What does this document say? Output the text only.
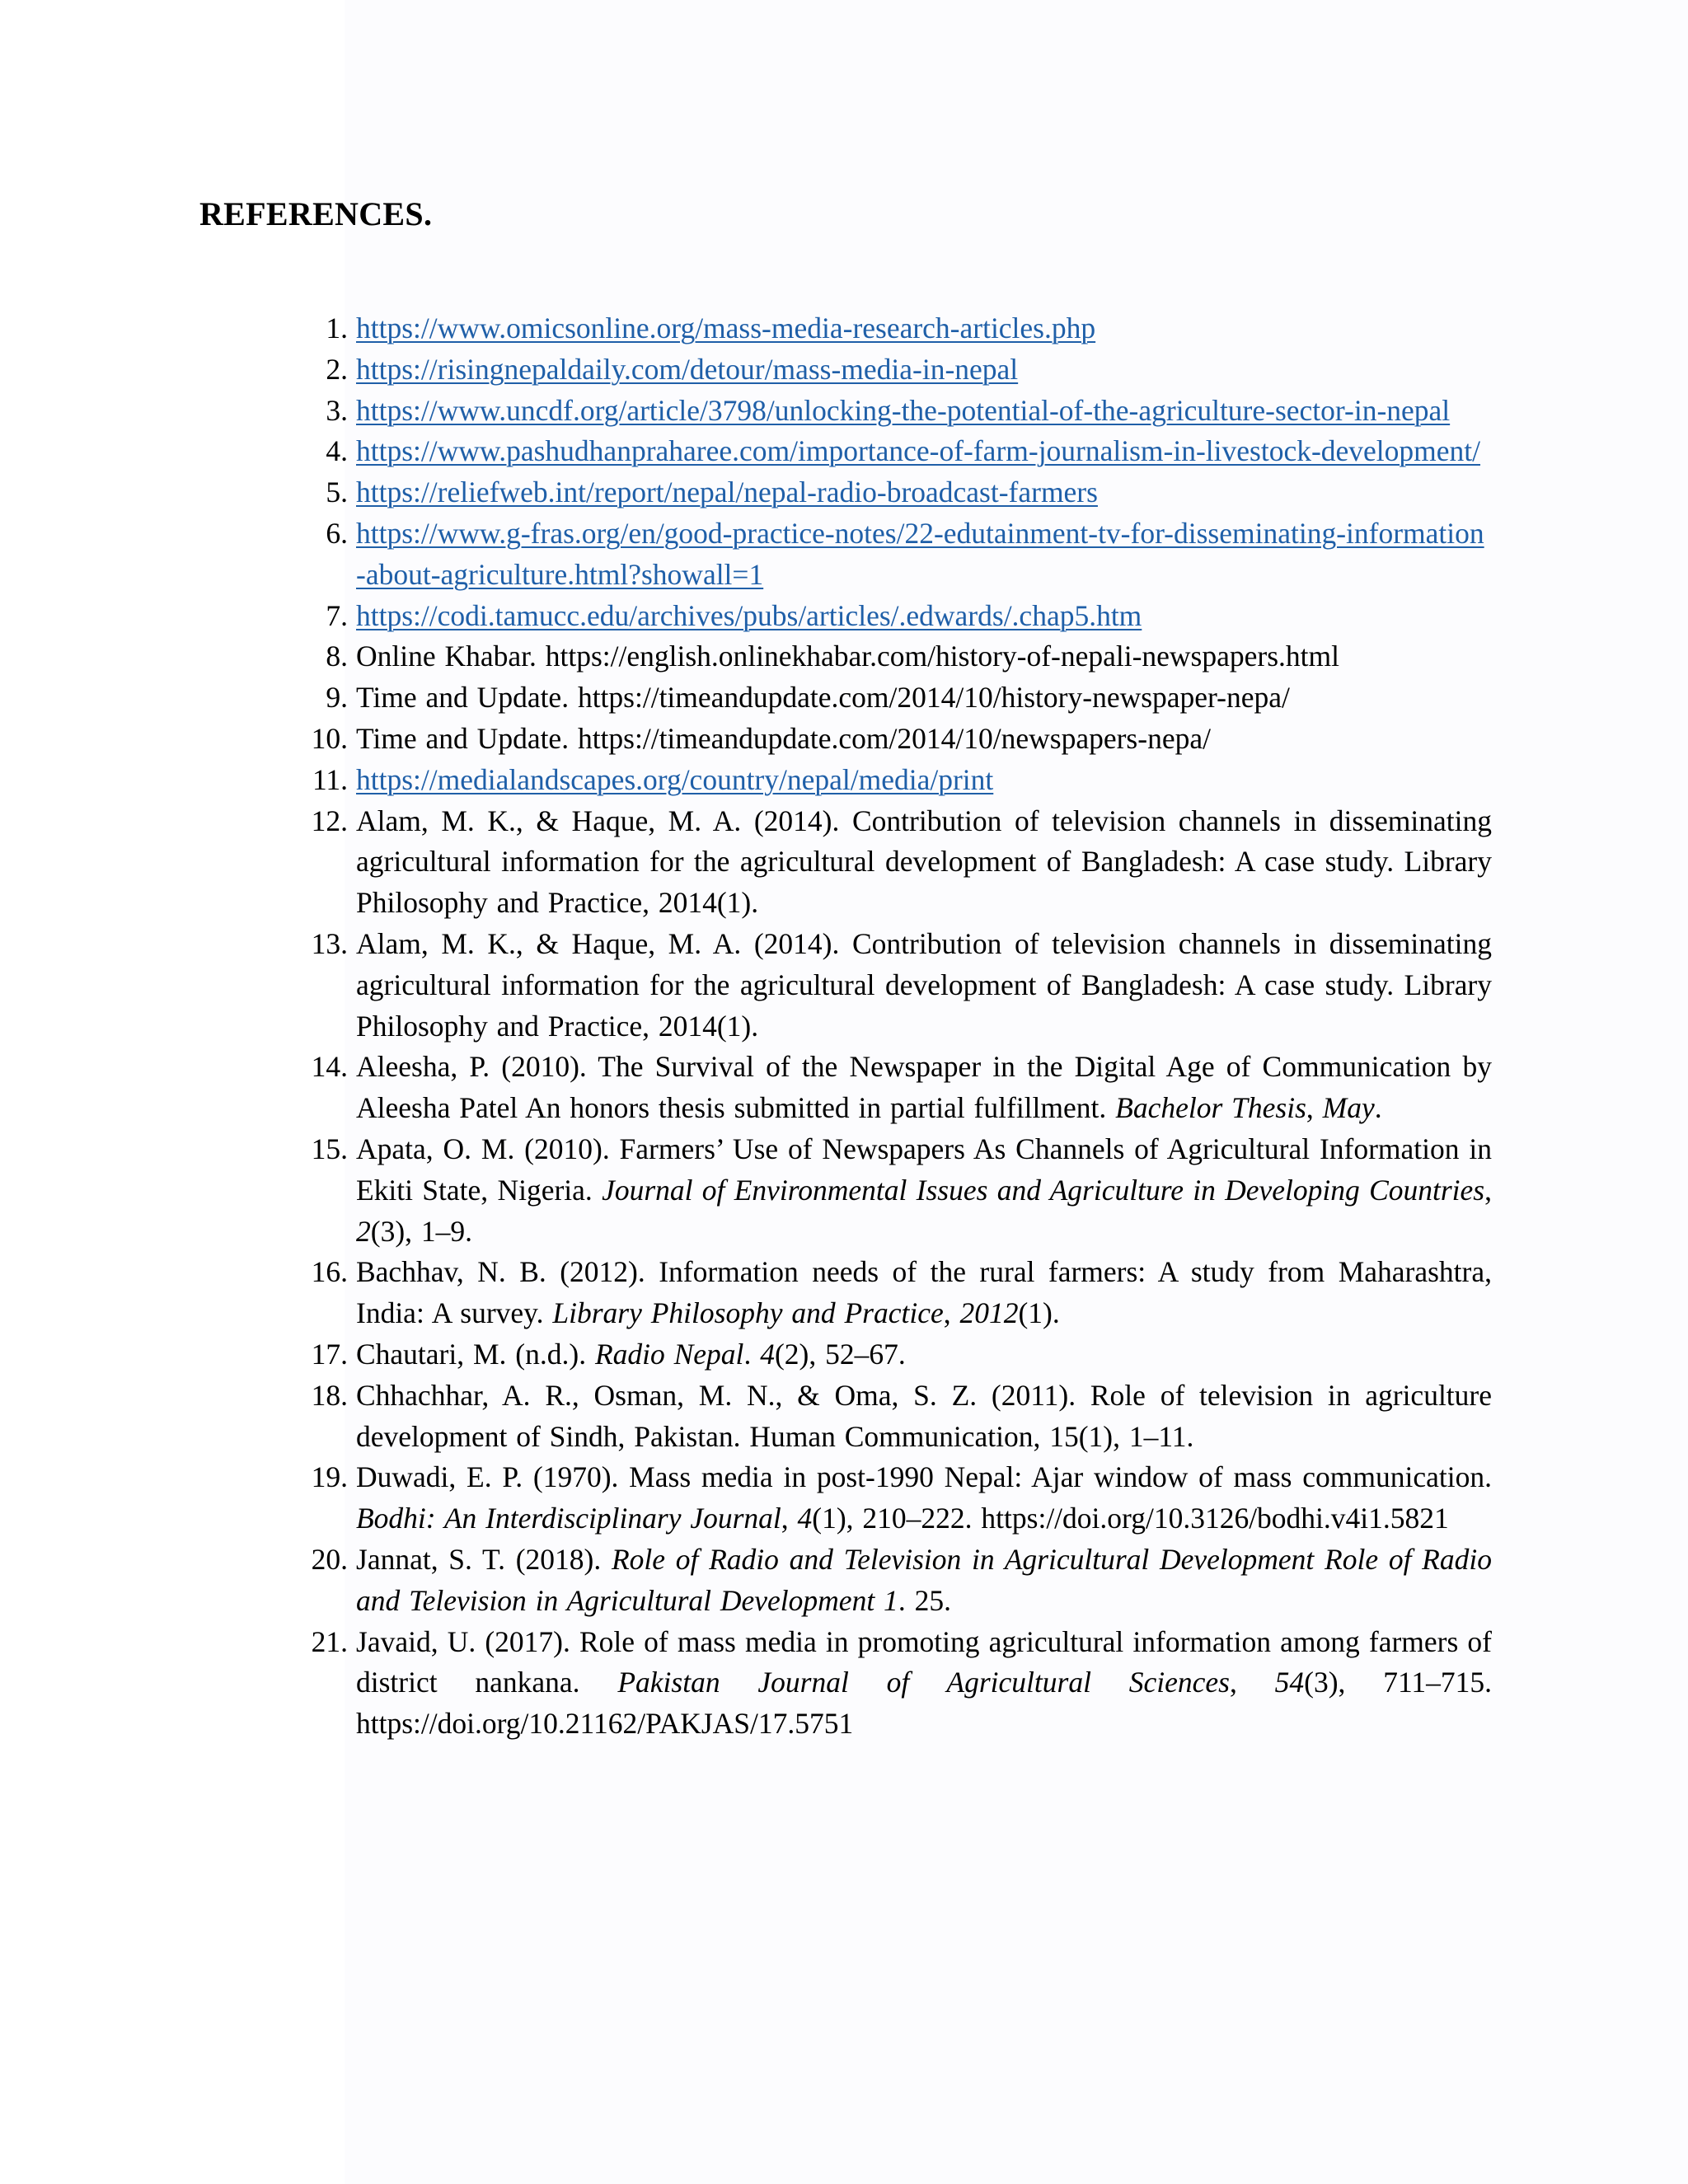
REFERENCES.
1. https://www.omicsonline.org/mass-media-research-articles.php
2. https://risingnepaldaily.com/detour/mass-media-in-nepal
3. https://www.uncdf.org/article/3798/unlocking-the-potential-of-the-agriculture-sector-in-nepal
4. https://www.pashudhanpraharee.com/importance-of-farm-journalism-in-livestock-development/
5. https://reliefweb.int/report/nepal/nepal-radio-broadcast-farmers
6. https://www.g-fras.org/en/good-practice-notes/22-edutainment-tv-for-disseminating-information-about-agriculture.html?showall=1
7. https://codi.tamucc.edu/archives/pubs/articles/.edwards/.chap5.htm
8. Online Khabar. https://english.onlinekhabar.com/history-of-nepali-newspapers.html
9. Time and Update. https://timeandupdate.com/2014/10/history-newspaper-nepa/
10. Time and Update. https://timeandupdate.com/2014/10/newspapers-nepa/
11. https://medialandscapes.org/country/nepal/media/print
12. Alam, M. K., & Haque, M. A. (2014). Contribution of television channels in disseminating agricultural information for the agricultural development of Bangladesh: A case study. Library Philosophy and Practice, 2014(1).
13. Alam, M. K., & Haque, M. A. (2014). Contribution of television channels in disseminating agricultural information for the agricultural development of Bangladesh: A case study. Library Philosophy and Practice, 2014(1).
14. Aleesha, P. (2010). The Survival of the Newspaper in the Digital Age of Communication by Aleesha Patel An honors thesis submitted in partial fulfillment. Bachelor Thesis, May.
15. Apata, O. M. (2010). Farmers’ Use of Newspapers As Channels of Agricultural Information in Ekiti State, Nigeria. Journal of Environmental Issues and Agriculture in Developing Countries, 2(3), 1–9.
16. Bachhav, N. B. (2012). Information needs of the rural farmers: A study from Maharashtra, India: A survey. Library Philosophy and Practice, 2012(1).
17. Chautari, M. (n.d.). Radio Nepal. 4(2), 52–67.
18. Chhachhar, A. R., Osman, M. N., & Oma, S. Z. (2011). Role of television in agriculture development of Sindh, Pakistan. Human Communication, 15(1), 1–11.
19. Duwadi, E. P. (1970). Mass media in post-1990 Nepal: Ajar window of mass communication. Bodhi: An Interdisciplinary Journal, 4(1), 210–222. https://doi.org/10.3126/bodhi.v4i1.5821
20. Jannat, S. T. (2018). Role of Radio and Television in Agricultural Development Role of Radio and Television in Agricultural Development 1. 25.
21. Javaid, U. (2017). Role of mass media in promoting agricultural information among farmers of district nankana. Pakistan Journal of Agricultural Sciences, 54(3), 711–715. https://doi.org/10.21162/PAKJAS/17.5751
